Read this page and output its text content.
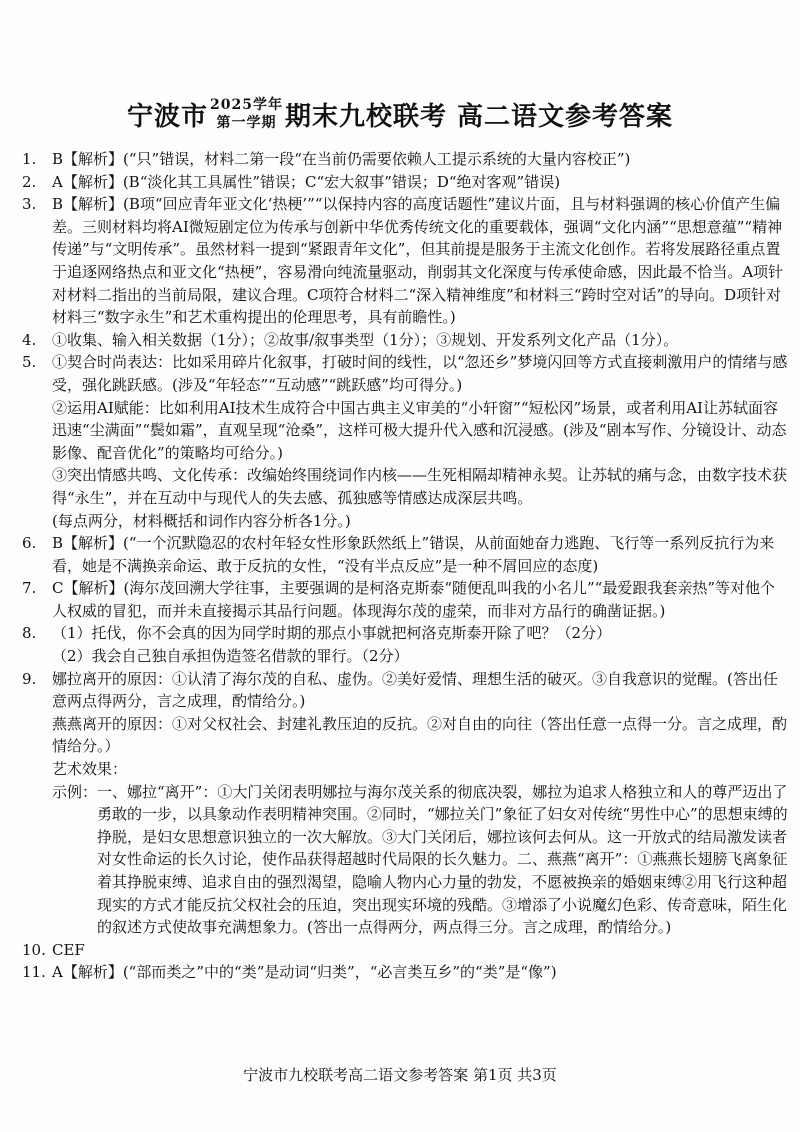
宁波市 2025学年
第一学期 期末九校联考 高二语文参考答案
1.	B【解析】(“只”错误，材料二第一段“在当前仍需要依赖人工提示系统的大量内容校正”)
2.	A【解析】(B“淡化其工具属性”错误；C“宏大叙事”错误；D“绝对客观”错误)
3.	B【解析】(B项“回应青年亚文化‘热梗’”“以保持内容的高度话题性”建议片面，且与材料强调的核心价值产生偏差。三则材料均将AI微短剧定位为传承与创新中华优秀传统文化的重要载体，强调“文化内涵”“思想意蕴”“精神传递”与“文明传承”。虽然材料一提到“紧跟青年文化”，但其前提是服务于主流文化创作。若将发展路径重点置于追逐网络热点和亚文化“热梗”，容易滑向纯流量驱动，削弱其文化深度与传承使命感，因此最不恰当。A项针对材料二指出的当前局限，建议合理。C项符合材料二“深入精神维度”和材料三“跨时空对话”的导向。D项针对材料三“数字永生”和艺术重构提出的伦理思考，具有前瞻性。)
4.	①收集、输入相关数据（1分）；②故事/叙事类型（1分）；③规划、开发系列文化产品（1分）。
5.	①契合时尚表达：比如采用碎片化叙事，打破时间的线性，以“忽还乡”梦境闪回等方式直接刺激用户的情绪与感受，强化跳跃感。(涉及“年轻态”“互动感”“跳跃感”均可得分。)
②运用AI赋能：比如利用AI技术生成符合中国古典主义审美的“小轩窗”“短松冈”场景，或者利用AI让苏轼面容迅速“尘满面”“鬓如霜”，直观呈现“沧桑”，这样可极大提升代入感和沉浸感。(涉及“剧本写作、分镜设计、动态影像、配音优化”的策略均可给分。)
③突出情感共鸣、文化传承：改编始终围绕词作内核——生死相隔却精神永契。让苏轼的痛与念，由数字技术获得“永生”，并在互动中与现代人的失去感、孤独感等情感达成深层共鸣。
(每点两分，材料概括和词作内容分析各1分。)
6.	B【解析】(“一个沉默隐忍的农村年轻女性形象跃然纸上”错误，从前面她奋力逃跑、飞行等一系列反抗行为来看，她是不满换亲命运、敢于反抗的女性，“没有半点反应”是一种不屑回应的态度)
7.	C【解析】(海尔茂回溯大学往事，主要强调的是柯洛克斯泰“随便乱叫我的小名儿”“最爱跟我套亲热”等对他个人权威的冒犯，而并未直接揭示其品行问题。体现海尔茂的虚荣，而非对方品行的确凿证据。)
8.	（1）托伐，你不会真的因为同学时期的那点小事就把柯洛克斯泰开除了吧？（2分）
（2）我会自己独自承担伪造签名借款的罪行。（2分）
9.	娜拉离开的原因：①认清了海尔茂的自私、虚伪。②美好爱情、理想生活的破灭。③自我意识的觉醒。(答出任意两点得两分，言之成理，酌情给分。)
燕燕离开的原因：①对父权社会、封建礼教压迫的反抗。②对自由的向往（答出任意一点得一分。言之成理，酌情给分。）
艺术效果：
示例： 一、娜拉“离开”：①大门关闭表明娜拉与海尔茂关系的彻底决裂，娜拉为追求人格独立和人的尊严迈出了勇敢的一步，以具象动作表明精神突围。②同时，“娜拉关门”象征了妇女对传统“男性中心”的思想束缚的挣脱，是妇女思想意识独立的一次大解放。③大门关闭后，娜拉该何去何从。这一开放式的结局激发读者对女性命运的长久讨论，使作品获得超越时代局限的长久魅力。二、燕燕“离开”：①燕燕长翅膀飞离象征着其挣脱束缚、追求自由的强烈渴望，隐喻人物内心力量的勃发，不愿被换亲的婚姻束缚②用飞行这种超现实的方式才能反抗父权社会的压迫，突出现实环境的残酷。③增添了小说魔幻色彩、传奇意味，陌生化的叙述方式使故事充满想象力。(答出一点得两分，两点得三分。言之成理，酌情给分。)
10. CEF
11. A【解析】(“部而类之”中的“类”是动词“归类”，“必言类互乡”的“类”是“像”)
宁波市九校联考高二语文参考答案 第1页 共3页
